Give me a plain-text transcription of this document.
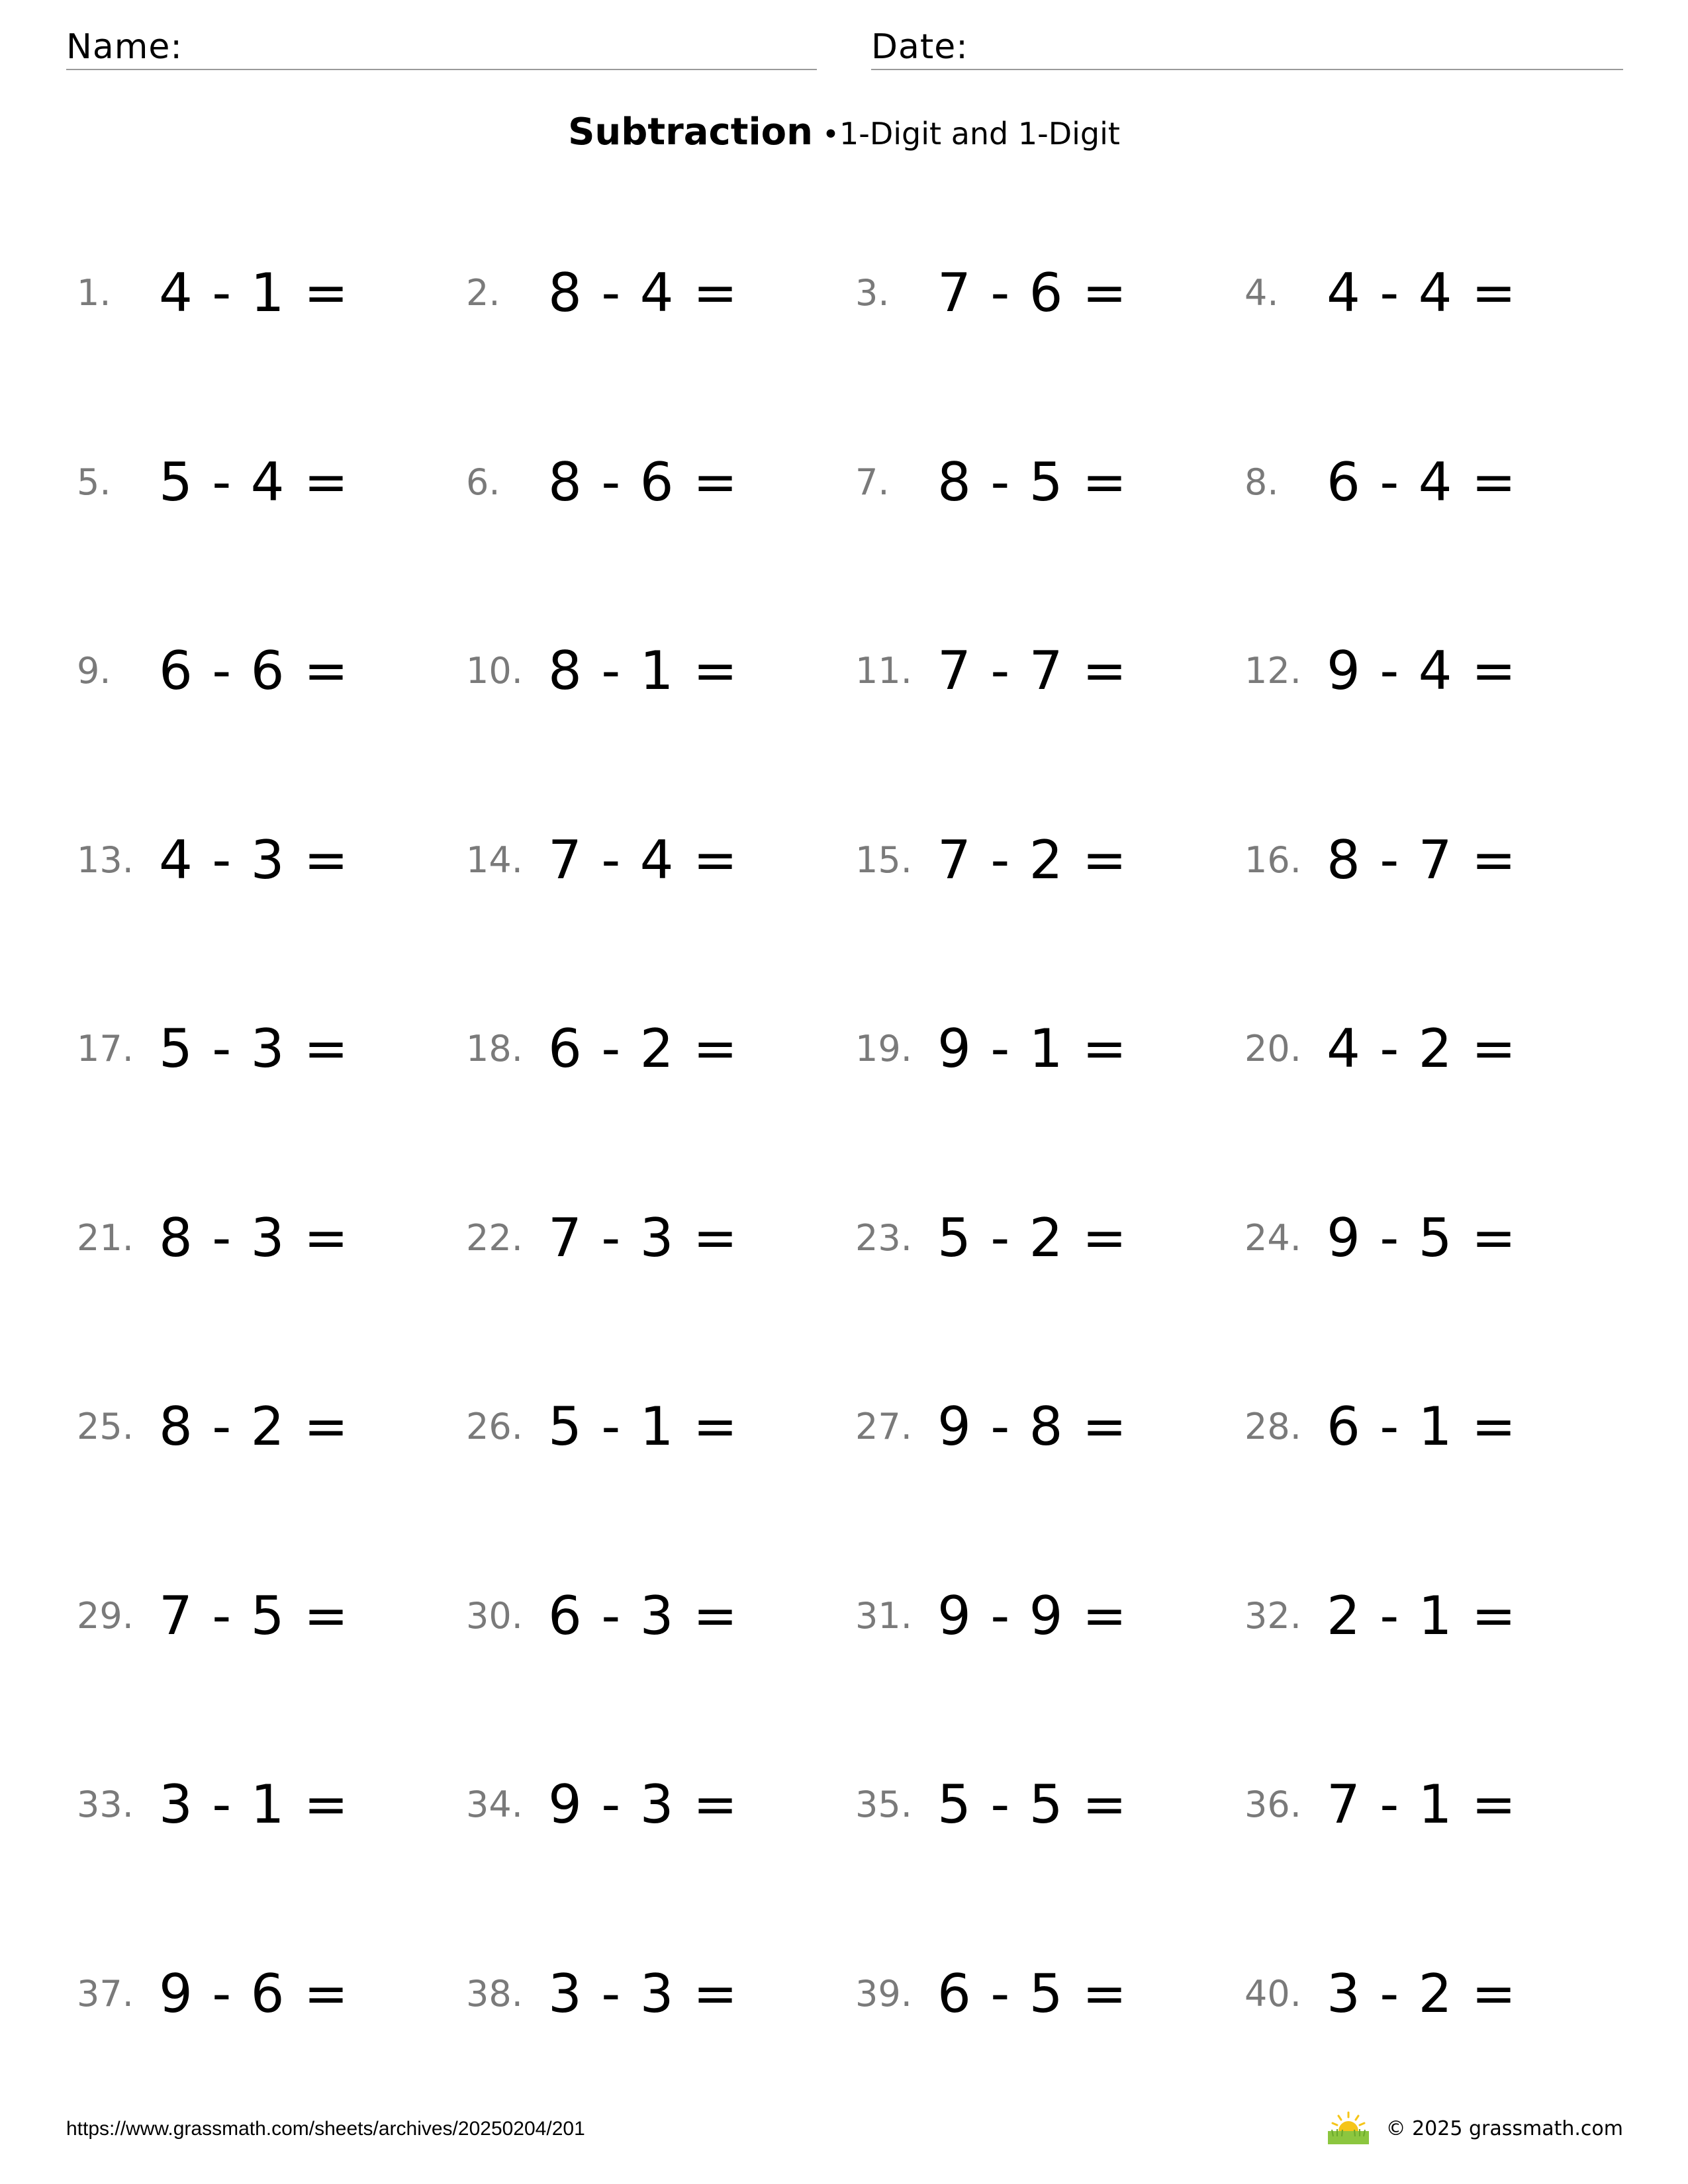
Name:	Date:
Subtraction •1-Digit and 1-Digit
1. 4 - 1 =	2. 8 - 4 =	3. 7 - 6 =	4. 4 - 4 =
5. 5 - 4 =	6. 8 - 6 =	7. 8 - 5 =	8. 6 - 4 =
9. 6 - 6 =	10. 8 - 1 =	11. 7 - 7 =	12. 9 - 4 =
13. 4 - 3 =	14. 7 - 4 =	15. 7 - 2 =	16. 8 - 7 =
17. 5 - 3 =	18. 6 - 2 =	19. 9 - 1 =	20. 4 - 2 =
21. 8 - 3 =	22. 7 - 3 =	23. 5 - 2 =	24. 9 - 5 =
25. 8 - 2 =	26. 5 - 1 =	27. 9 - 8 =	28. 6 - 1 =
29. 7 - 5 =	30. 6 - 3 =	31. 9 - 9 =	32. 2 - 1 =
33. 3 - 1 =	34. 9 - 3 =	35. 5 - 5 =	36. 7 - 1 =
37. 9 - 6 =	38. 3 - 3 =	39. 6 - 5 =	40. 3 - 2 =
https://www.grassmath.com/sheets/archives/20250204/201	© 2025 grassmath.com
